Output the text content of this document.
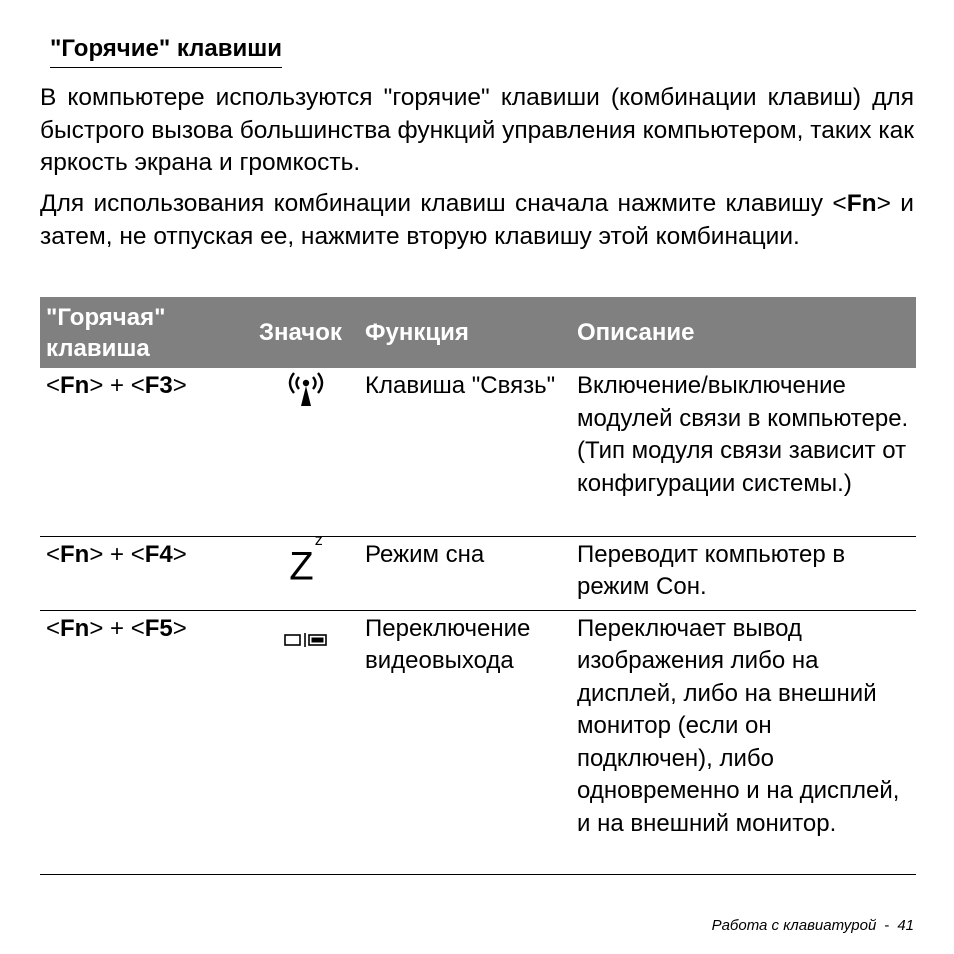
"Горячие" клавиши

В компьютере используются "горячие" клавиши (комбинации клавиш) для быстрого вызова большинства функций управления компьютером, таких как яркость экрана и громкость.

Для использования комбинации клавиш сначала нажмите клавишу <Fn> и затем, не отпуская ее, нажмите вторую клавишу этой комбинации.

"Горячая" клавиша	Значок	Функция	Описание
<Fn> + <F3>		Клавиша "Связь"	Включение/выключение модулей связи в компьютере. (Тип модуля связи зависит от конфигурации системы.)
<Fn> + <F4>	$Z^z$	Режим сна	Переводит компьютер в режим Сон.
<Fn> + <F5>		Переключение видеовыхода	Переключает вывод изображения либо на дисплей, либо на внешний монитор (если он подключен), либо одновременно и на дисплей, и на внешний монитор.
Работа с клавиатурой - 41
